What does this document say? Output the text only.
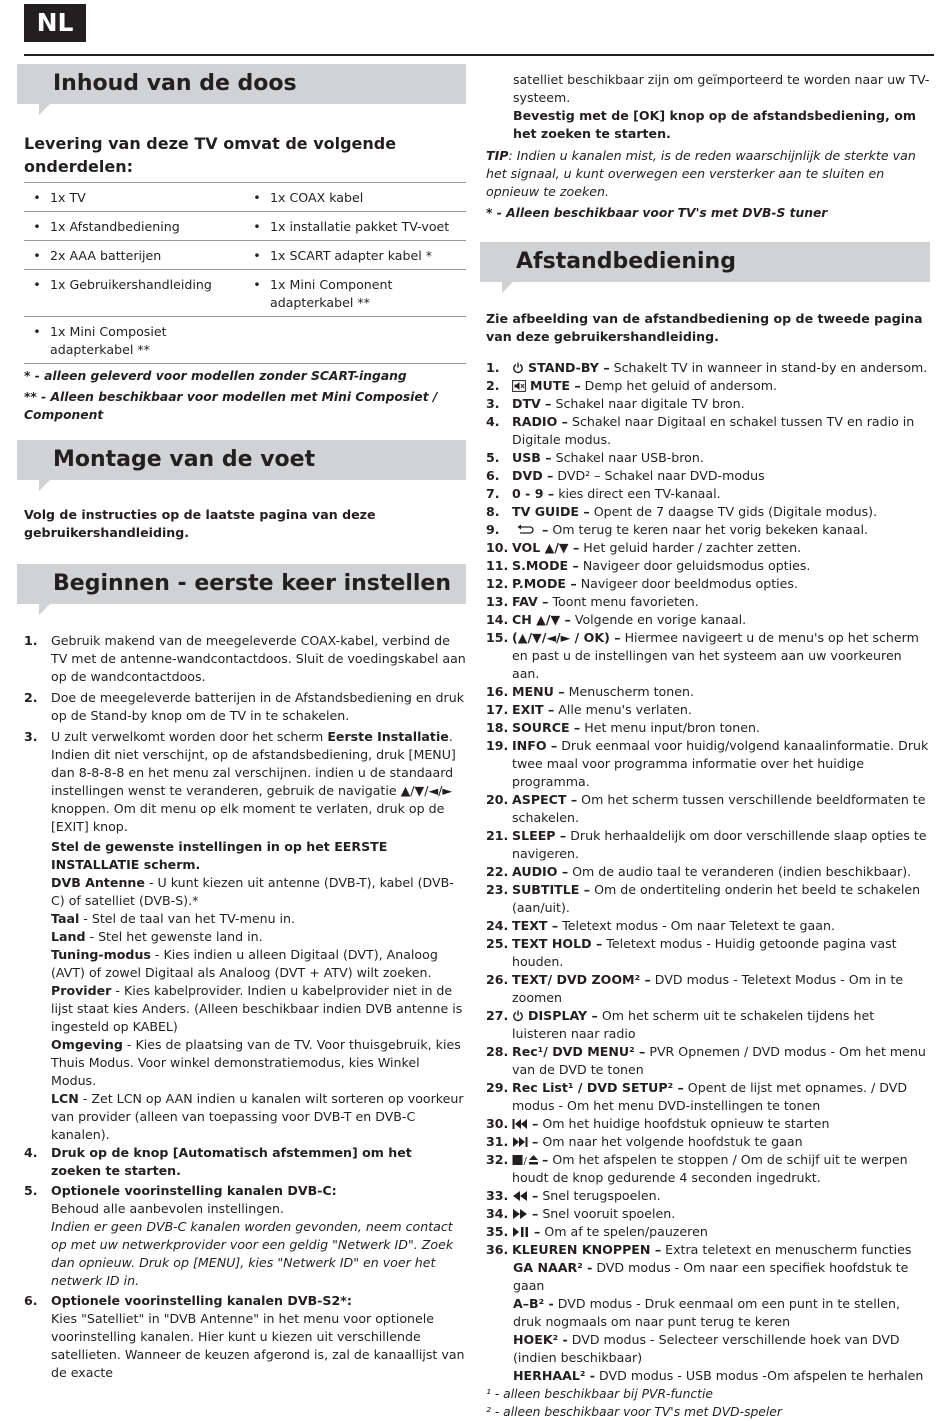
NL
Inhoud van de doos
Levering van deze TV omvat de volgende onderdelen:
• 1x TV	• 1x COAX kabel
• 1x Afstandbediening	• 1x installatie pakket TV-voet
• 2x AAA batterijen	• 1x SCART adapter kabel *
• 1x Gebruikershandleiding	• 1x Mini Component adapterkabel **
• 1x Mini Composiet adapterkabel **
* - alleen geleverd voor modellen zonder SCART-ingang
** - Alleen beschikbaar voor modellen met Mini Composiet / Component
Montage van de voet
Volg de instructies op de laatste pagina van deze gebruikershandleiding.
Beginnen - eerste keer instellen
1.	Gebruik makend van de meegeleverde COAX-kabel, verbind de TV met de antenne-wandcontactdoos. Sluit de voedingskabel aan op de wandcontactdoos.
2.	Doe de meegeleverde batterijen in de Afstandsbediening en druk op de Stand-by knop om de TV in te schakelen.
3.	U zult verwelkomt worden door het scherm Eerste Installatie. Indien dit niet verschijnt, op de afstandsbediening, druk [MENU] dan 8-8-8-8 en het menu zal verschijnen. indien u de standaard instellingen wenst te veranderen, gebruik de navigatie ▲/▼/◄/► knoppen. Om dit menu op elk moment te verlaten, druk op de [EXIT] knop.
Stel de gewenste instellingen in op het EERSTE INSTALLATIE scherm.
DVB Antenne - U kunt kiezen uit antenne (DVB-T), kabel (DVB-C) of satelliet (DVB-S).*
Taal - Stel de taal van het TV-menu in.
Land - Stel het gewenste land in.
Tuning-modus - Kies indien u alleen Digitaal (DVT), Analoog (AVT) of zowel Digitaal als Analoog (DVT + ATV) wilt zoeken.
Provider - Kies kabelprovider. Indien u kabelprovider niet in de lijst staat kies Anders. (Alleen beschikbaar indien DVB antenne is ingesteld op KABEL)
Omgeving - Kies de plaatsing van de TV. Voor thuisgebruik, kies Thuis Modus. Voor winkel demonstratiemodus, kies Winkel Modus.
LCN - Zet LCN op AAN indien u kanalen wilt sorteren op voorkeur van provider (alleen van toepassing voor DVB-T en DVB-C kanalen).
4.	Druk op de knop [Automatisch afstemmen] om het zoeken te starten.
5.	Optionele voorinstelling kanalen DVB-C:
Behoud alle aanbevolen instellingen.
Indien er geen DVB-C kanalen worden gevonden, neem contact op met uw netwerkprovider voor een geldig "Netwerk ID". Zoek dan opnieuw. Druk op [MENU], kies "Netwerk ID" en voer het netwerk ID in.
6.	Optionele voorinstelling kanalen DVB-S2*:
Kies "Satelliet" in "DVB Antenne" in het menu voor optionele voorinstelling kanalen. Hier kunt u kiezen uit verschillende satellieten. Wanneer de keuzen afgerond is, zal de kanaallijst van de exacte
satelliet beschikbaar zijn om geïmporteerd te worden naar uw TV-systeem.
Bevestig met de [OK] knop op de afstandsbediening, om het zoeken te starten.
TIP: Indien u kanalen mist, is de reden waarschijnlijk de sterkte van het signaal, u kunt overwegen een versterker aan te sluiten en opnieuw te zoeken.
* - Alleen beschikbaar voor TV's met DVB-S tuner
Afstandbediening
Zie afbeelding van de afstandbediening op de tweede pagina van deze gebruikershandleiding.
1.	STAND-BY – Schakelt TV in wanneer in stand-by en andersom.
2.	MUTE – Demp het geluid of andersom.
3. DTV – Schakel naar digitale TV bron.
4. RADIO – Schakel naar Digitaal en schakel tussen TV en radio in Digitale modus.
5. USB – Schakel naar USB-bron.
6. DVD – DVD² – Schakel naar DVD-modus
7. 0 - 9 – kies direct een TV-kanaal.
8. TV GUIDE – Opent de 7 daagse TV gids (Digitale modus).
9.	– Om terug te keren naar het vorig bekeken kanaal.
10. VOL ▲/▼ – Het geluid harder / zachter zetten.
11. S.MODE – Navigeer door geluidsmodus opties.
12. P.MODE – Navigeer door beeldmodus opties.
13. FAV – Toont menu favorieten.
14. CH ▲/▼ – Volgende en vorige kanaal.
15. (▲/▼/◄/► / OK) – Hiermee navigeert u de menu's op het scherm en past u de instellingen van het systeem aan uw voorkeuren aan.
16. MENU – Menuscherm tonen.
17. EXIT – Alle menu's verlaten.
18. SOURCE – Het menu input/bron tonen.
19. INFO – Druk eenmaal voor huidig/volgend kanaalinformatie. Druk twee maal voor programma informatie over het huidige programma.
20. ASPECT – Om het scherm tussen verschillende beeldformaten te schakelen.
21. SLEEP – Druk herhaaldelijk om door verschillende slaap opties te navigeren.
22. AUDIO – Om de audio taal te veranderen (indien beschikbaar).
23. SUBTITLE – Om de ondertiteling onderin het beeld te schakelen (aan/uit).
24. TEXT – Teletext modus - Om naar Teletext te gaan.
25. TEXT HOLD – Teletext modus - Huidig getoonde pagina vast houden.
26. TEXT/ DVD ZOOM² – DVD modus - Teletext Modus - Om in te zoomen
27.	DISPLAY – Om het scherm uit te schakelen tijdens het luisteren naar radio
28. Rec¹/ DVD MENU² – PVR Opnemen / DVD modus - Om het menu van de DVD te tonen
29. Rec List¹ / DVD SETUP² – Opent de lijst met opnames. / DVD modus - Om het menu DVD-instellingen te tonen
30.	– Om het huidige hoofdstuk opnieuw te starten
31.	– Om naar het volgende hoofdstuk te gaan
32.	/ – Om het afspelen te stoppen / Om de schijf uit te werpen houdt de knop gedurende 4 seconden ingedrukt.
33.	– Snel terugspoelen.
34.	– Snel vooruit spoelen.
35.	– Om af te spelen/pauzeren
36. KLEUREN KNOPPEN – Extra teletext en menuscherm functies
GA NAAR² - DVD modus - Om naar een specifiek hoofdstuk te gaan
A–B² - DVD modus - Druk eenmaal om een punt in te stellen, druk nogmaals om naar punt terug te keren
HOEK² - DVD modus - Selecteer verschillende hoek van DVD (indien beschikbaar)
HERHAAL² - DVD modus - USB modus -Om afspelen te herhalen
¹ - alleen beschikbaar bij PVR-functie
² - alleen beschikbaar voor TV's met DVD-speler
